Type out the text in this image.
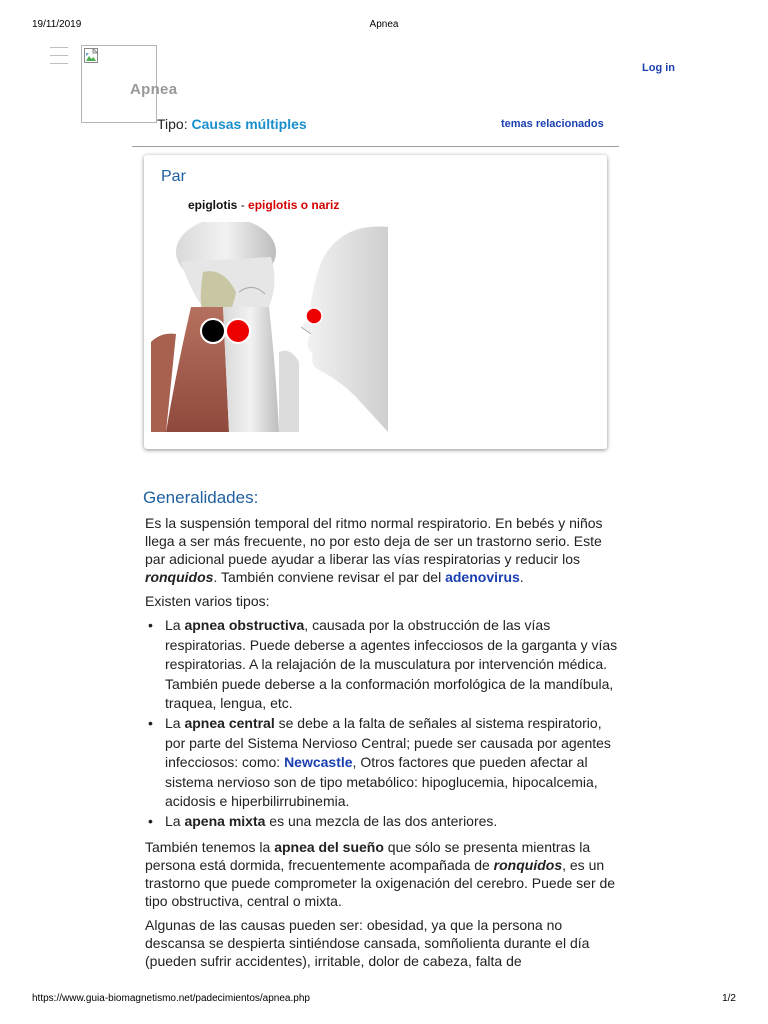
19/11/2019	Apnea
Apnea
Log in
Tipo: Causas múltiples	temas relacionados
Par
epiglotis - epiglotis o nariz
Generalidades:

Es la suspensión temporal del ritmo normal respiratorio. En bebés y niños llega a ser más frecuente, no por esto deja de ser un trastorno serio. Este par adicional puede ayudar a liberar las vías respiratorias y reducir los ronquidos. También conviene revisar el par del adenovirus.

Existen varios tipos:

• La apnea obstructiva, causada por la obstrucción de las vías respiratorias. Puede deberse a agentes infecciosos de la garganta y vías respiratorias. A la relajación de la musculatura por intervención médica. También puede deberse a la conformación morfológica de la mandíbula, traquea, lengua, etc.
• La apnea central se debe a la falta de señales al sistema respiratorio, por parte del Sistema Nervioso Central; puede ser causada por agentes infecciosos: como: Newcastle, Otros factores que pueden afectar al sistema nervioso son de tipo metabólico: hipoglucemia, hipocalcemia, acidosis e hiperbilirrubinemia.
• La apena mixta es una mezcla de las dos anteriores.

También tenemos la apnea del sueño que sólo se presenta mientras la persona está dormida, frecuentemente acompañada de ronquidos, es un trastorno que puede comprometer la oxigenación del cerebro. Puede ser de tipo obstructiva, central o mixta.

Algunas de las causas pueden ser: obesidad, ya que la persona no descansa se despierta sintiéndose cansada, somñolienta durante el día (pueden sufrir accidentes), irritable, dolor de cabeza, falta de

https://www.guia-biomagnetismo.net/padecimientos/apnea.php	1/2
